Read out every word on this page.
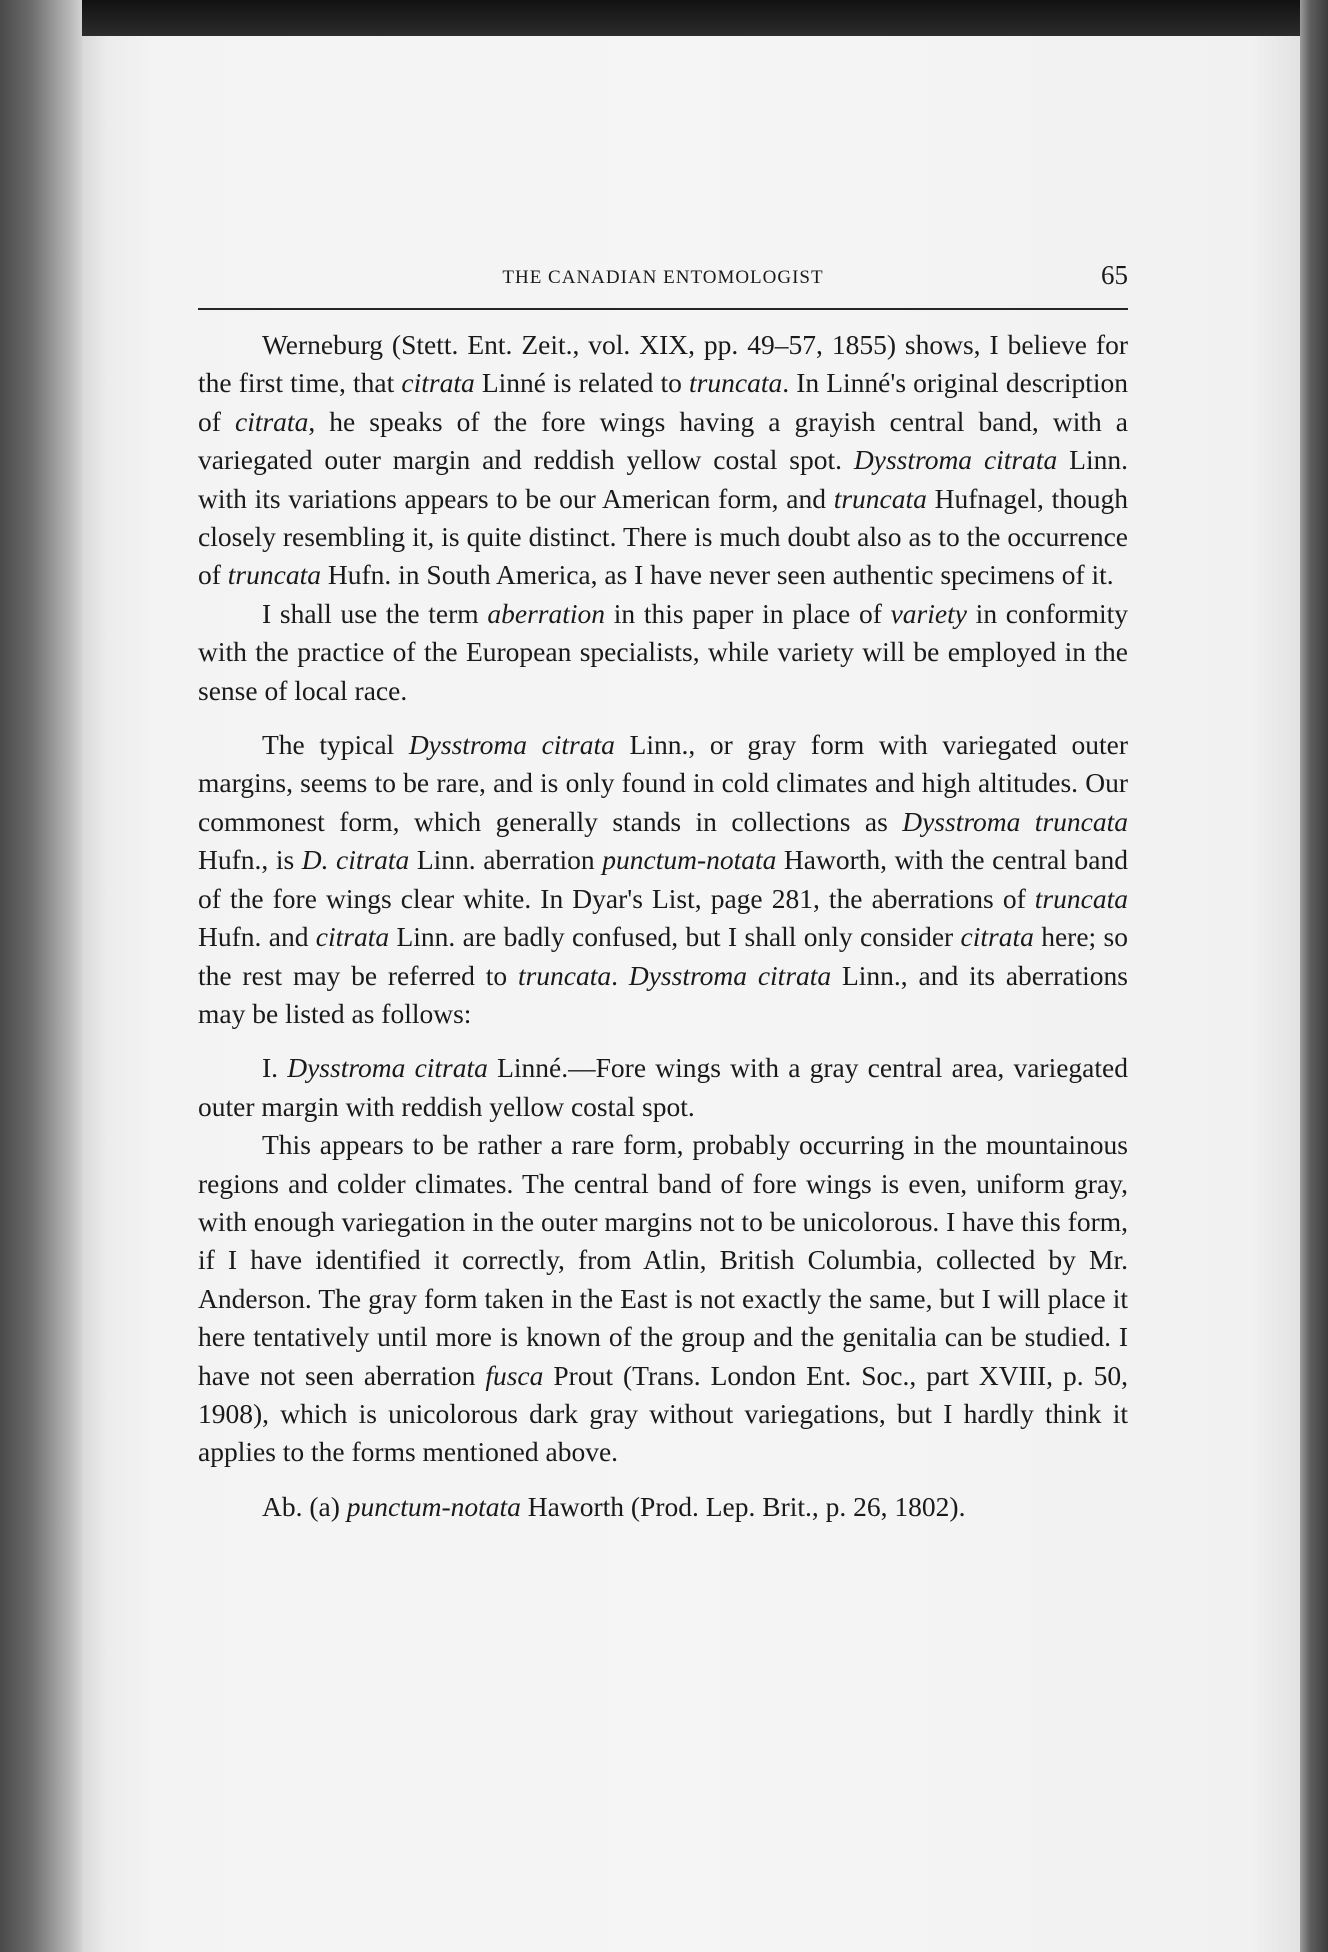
THE CANADIAN ENTOMOLOGIST	65

Werneburg (Stett. Ent. Zeit., vol. XIX, pp. 49–57, 1855) shows, I believe for the first time, that citrata Linné is related to truncata. In Linné's original description of citrata, he speaks of the fore wings having a grayish central band, with a variegated outer margin and reddish yellow costal spot. Dysstroma citrata Linn. with its variations appears to be our American form, and truncata Hufnagel, though closely resembling it, is quite distinct. There is much doubt also as to the occurrence of truncata Hufn. in South America, as I have never seen authentic specimens of it.

I shall use the term aberration in this paper in place of variety in conformity with the practice of the European specialists, while variety will be employed in the sense of local race.

The typical Dysstroma citrata Linn., or gray form with variegated outer margins, seems to be rare, and is only found in cold climates and high altitudes. Our commonest form, which generally stands in collections as Dysstroma truncata Hufn., is D. citrata Linn. aberration punctum-notata Haworth, with the central band of the fore wings clear white. In Dyar's List, page 281, the aberrations of truncata Hufn. and citrata Linn. are badly confused, but I shall only consider citrata here; so the rest may be referred to truncata. Dysstroma citrata Linn., and its aberrations may be listed as follows:

I. Dysstroma citrata Linné.—Fore wings with a gray central area, variegated outer margin with reddish yellow costal spot.

This appears to be rather a rare form, probably occurring in the mountainous regions and colder climates. The central band of fore wings is even, uniform gray, with enough variegation in the outer margins not to be unicolorous. I have this form, if I have identified it correctly, from Atlin, British Columbia, collected by Mr. Anderson. The gray form taken in the East is not exactly the same, but I will place it here tentatively until more is known of the group and the genitalia can be studied. I have not seen aberration fusca Prout (Trans. London Ent. Soc., part XVIII, p. 50, 1908), which is unicolorous dark gray without variegations, but I hardly think it applies to the forms mentioned above.

Ab. (a) punctum-notata Haworth (Prod. Lep. Brit., p. 26, 1802).
